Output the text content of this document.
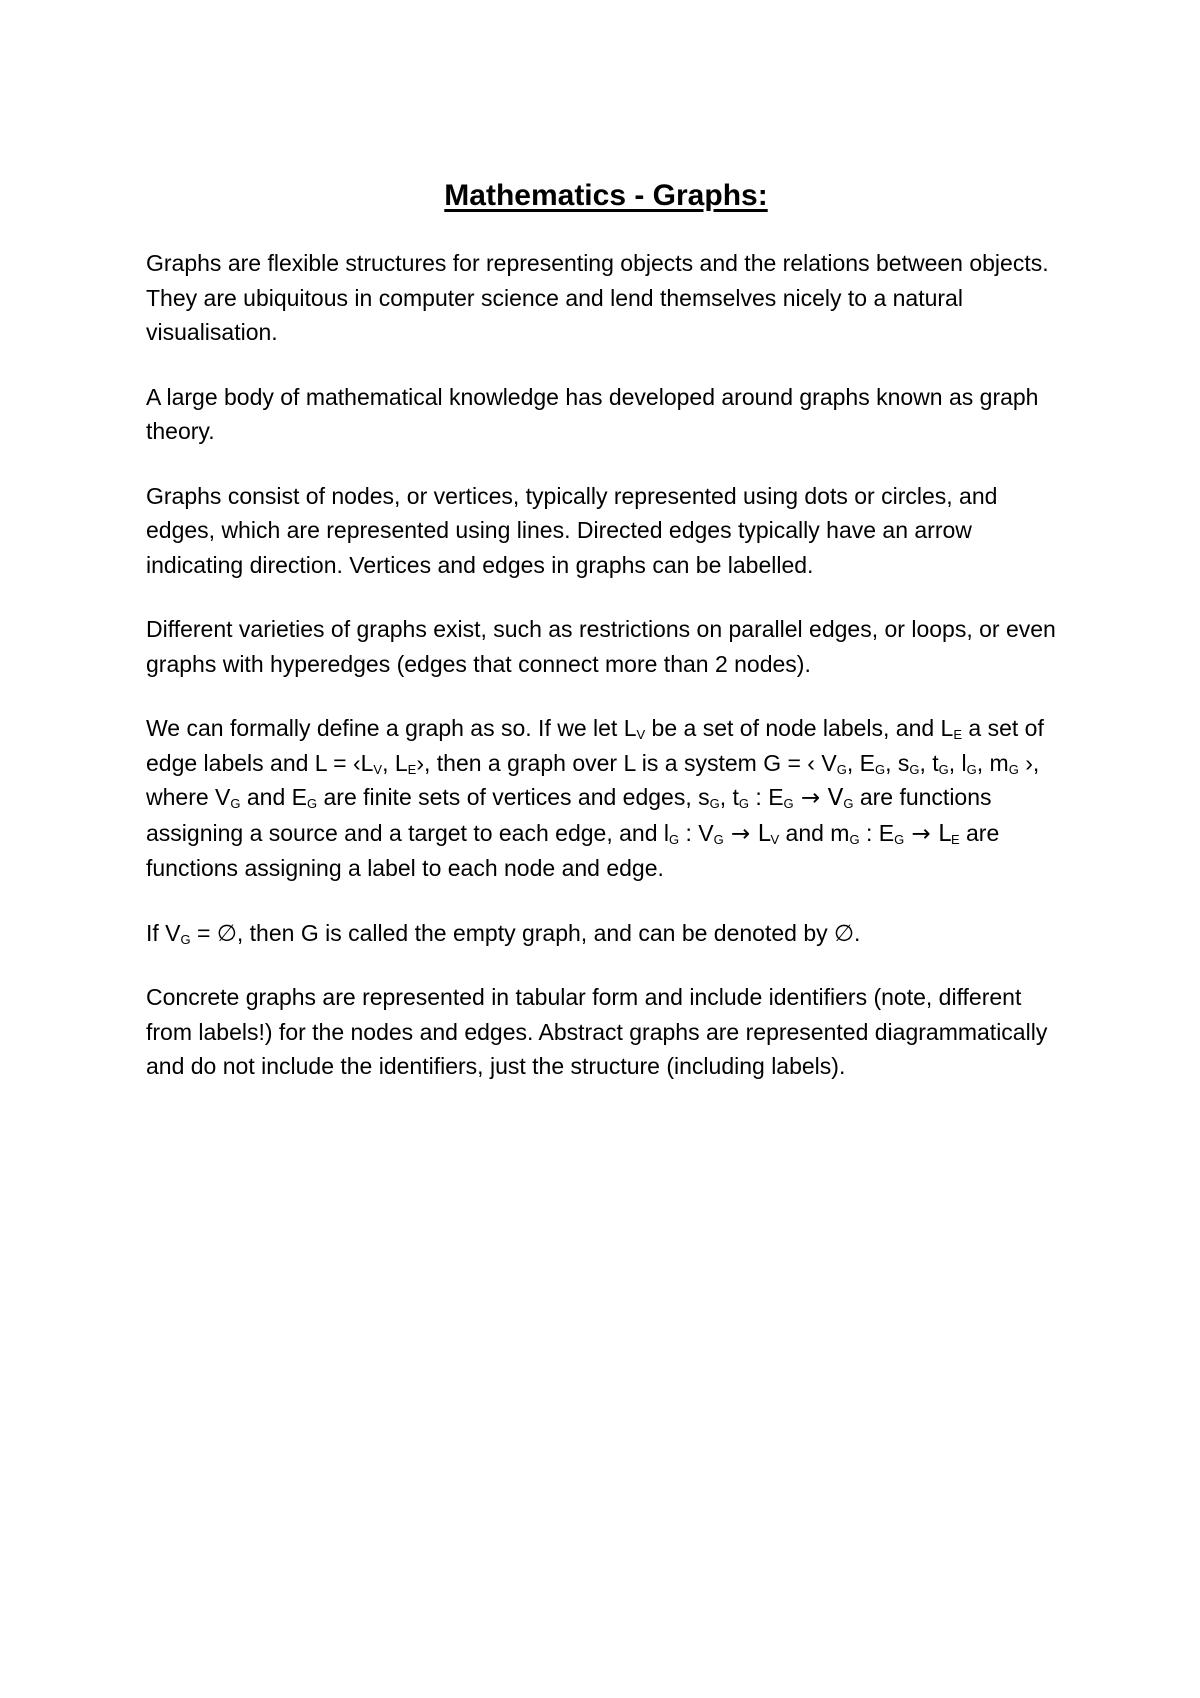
Mathematics - Graphs:

Graphs are flexible structures for representing objects and the relations between objects. They are ubiquitous in computer science and lend themselves nicely to a natural visualisation.

A large body of mathematical knowledge has developed around graphs known as graph theory.

Graphs consist of nodes, or vertices, typically represented using dots or circles, and edges, which are represented using lines. Directed edges typically have an arrow indicating direction. Vertices and edges in graphs can be labelled.

Different varieties of graphs exist, such as restrictions on parallel edges, or loops, or even graphs with hyperedges (edges that connect more than 2 nodes).

We can formally define a graph as so. If we let $L_V$ be a set of node labels, and $L_E$ a set of edge labels and $L = ‹L_V$, $L_E›$, then a graph over L is a system G = ‹ $V_G$, $E_G$, $s_G$, $t_G$, $l_G$, $m_G$ ›, where $V_G$ and $E_G$ are finite sets of vertices and edges, $s_G$, $t_G$ : $E_G \to V_G$ are functions assigning a source and a target to each edge, and $l_G$ : $V_G \to L_V$ and $m_G$ : $E_G \to L_E$ are functions assigning a label to each node and edge.

If $V_G$ = ∅, then G is called the empty graph, and can be denoted by ∅.

Concrete graphs are represented in tabular form and include identifiers (note, different from labels!) for the nodes and edges. Abstract graphs are represented diagrammatically and do not include the identifiers, just the structure (including labels).
